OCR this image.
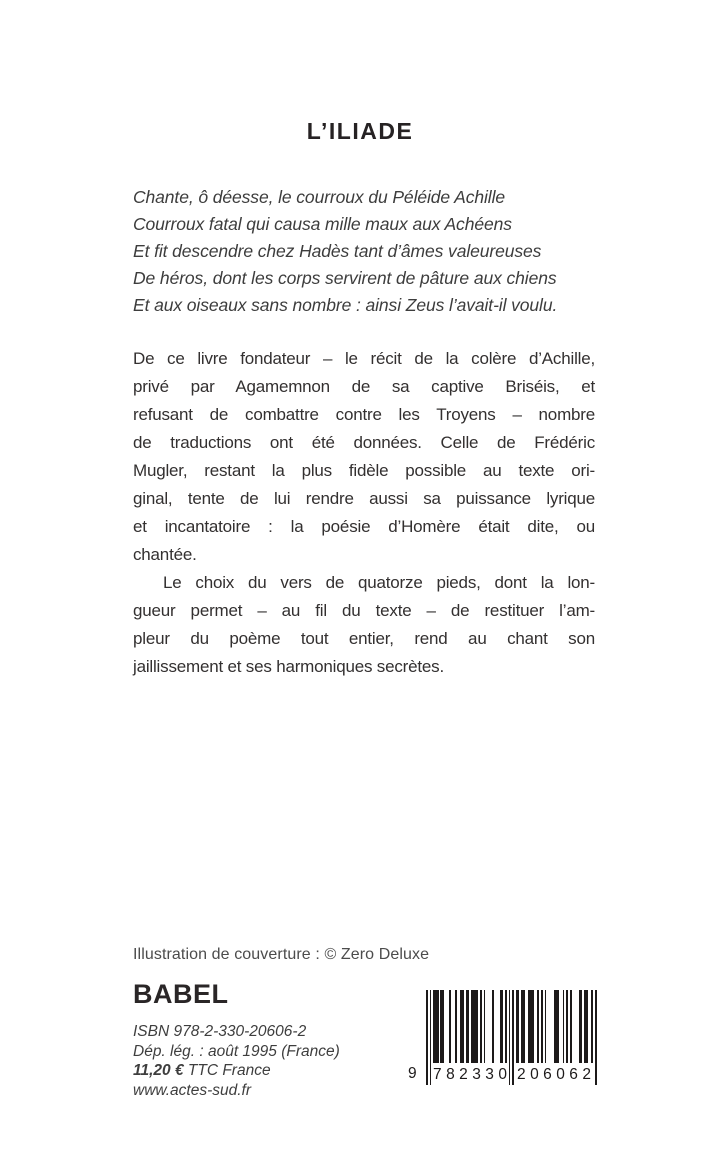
L’ILIADE
Chante, ô déesse, le courroux du Péléide Achille
Courroux fatal qui causa mille maux aux Achéens
Et fit descendre chez Hadès tant d’âmes valeureuses
De héros, dont les corps servirent de pâture aux chiens
Et aux oiseaux sans nombre : ainsi Zeus l’avait-il voulu.
De ce livre fondateur – le récit de la colère d’Achille,
privé par Agamemnon de sa captive Briséis, et
refusant de combattre contre les Troyens – nombre
de traductions ont été données. Celle de Frédéric
Mugler, restant la plus fidèle possible au texte ori-
ginal, tente de lui rendre aussi sa puissance lyrique
et incantatoire : la poésie d’Homère était dite, ou
chantée.
Le choix du vers de quatorze pieds, dont la lon-
gueur permet – au fil du texte – de restituer l’am-
pleur du poème tout entier, rend au chant son
jaillissement et ses harmoniques secrètes.
Illustration de couverture : © Zero Deluxe
BABEL
ISBN 978-2-330-20606-2
Dép. lég. : août 1995 (France)
11,20 € TTC France
www.actes-sud.fr
9 7 8 2 3 3 0 2 0 6 0 6 2
